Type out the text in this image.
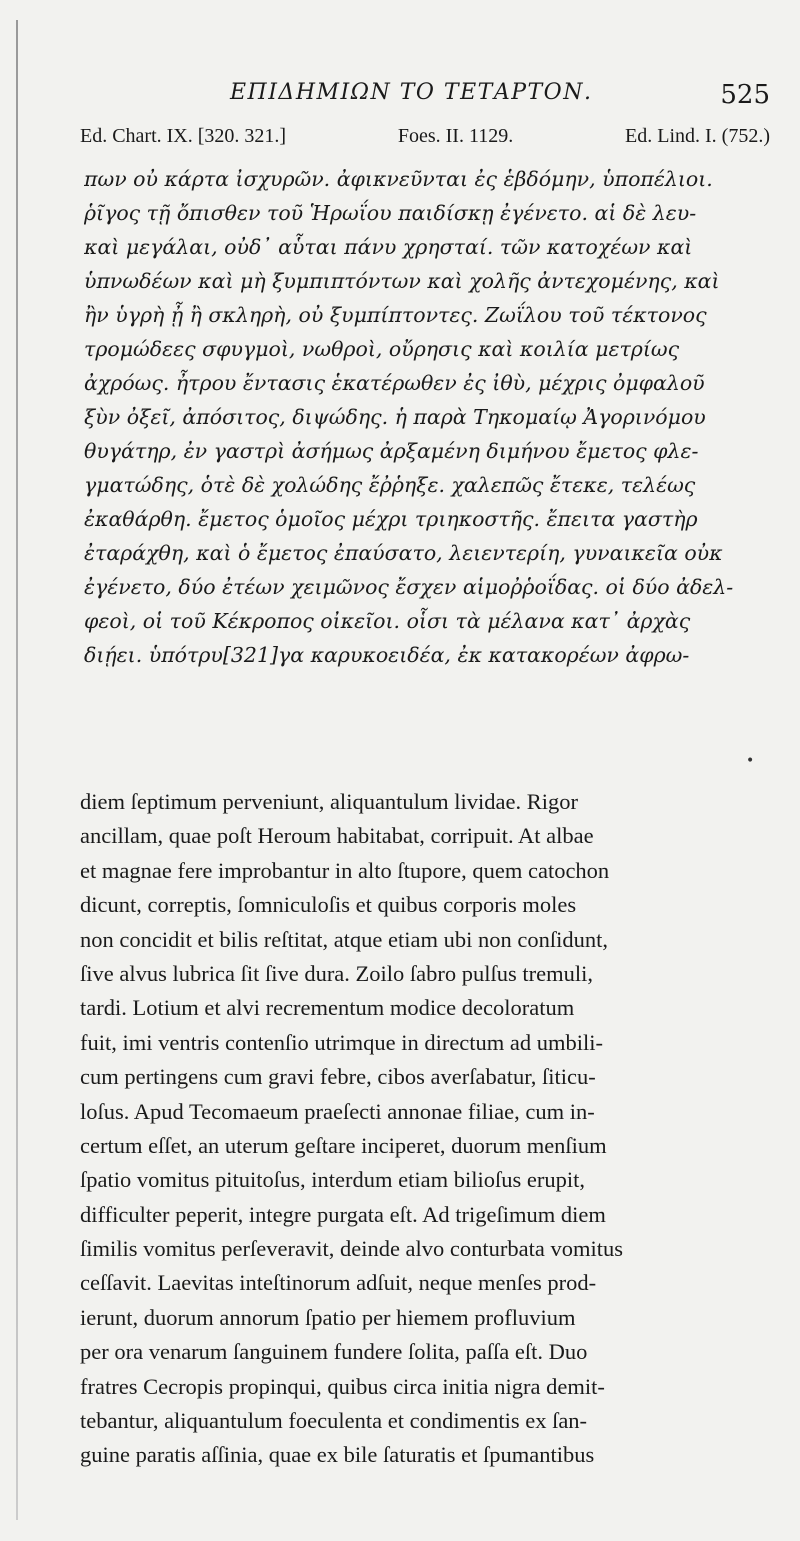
ΕΠΙΔΗΜΙΩΝ ΤΟ ΤΕΤΑΡΤΟΝ.	525
Ed. Chart. IX. [320. 321.]	Foes. II. 1129.	Ed. Lind. I. (752.)
πων οὐ κάρτα ἰσχυρῶν. ἀφικνεῦνται ἐς ἑβδόμην, ὑποπέλιοι.
ῥῖγος τῇ ὄπισθεν τοῦ Ἡρωΐου παιδίσκῃ ἐγένετο. αἱ δὲ λευ-
καὶ μεγάλαι, οὐδ᾽ αὗται πάνυ χρησταί. τῶν κατοχέων καὶ
ὑπνωδέων καὶ μὴ ξυμπιπτόντων καὶ χολῆς ἀντεχομένης, καὶ
ἢν ὑγρὴ ᾖ ἢ σκληρὴ, οὐ ξυμπίπτοντες. Ζωΐλου τοῦ τέκτονος
τρομώδεες σφυγμοὶ, νωθροὶ, οὔρησις καὶ κοιλία μετρίως
ἀχρόως. ἦτρου ἔντασις ἑκατέρωθεν ἐς ἰθὺ, μέχρις ὀμφαλοῦ
ξὺν ὀξεῖ, ἀπόσιτος, διψώδης. ἡ παρὰ Τηκομαίῳ Ἀγορινόμου
θυγάτηρ, ἐν γαστρὶ ἀσήμως ἀρξαμένη διμήνου ἔμετος φλε-
γματώδης, ὁτὲ δὲ χολώδης ἔῤῥηξε. χαλεπῶς ἔτεκε, τελέως
ἐκαθάρθη. ἔμετος ὁμοῖος μέχρι τριηκοστῆς. ἔπειτα γαστὴρ
ἐταράχθη, καὶ ὁ ἔμετος ἐπαύσατο, λειεντερίη, γυναικεῖα οὐκ
ἐγένετο, δύο ἐτέων χειμῶνος ἔσχεν αἱμοῤῥοΐδας. οἱ δύο ἀδελ-
φεοὶ, οἱ τοῦ Κέκροπος οἰκεῖοι. οἷσι τὰ μέλανα κατ᾽ ἀρχὰς
διῄει. ὑπότρυ[321]γα καρυκοειδέα, ἐκ κατακορέων ἀφρω-
•
diem ſeptimum perveniunt, aliquantulum lividae. Rigor
ancillam, quae poſt Heroum habitabat, corripuit. At albae
et magnae fere improbantur in alto ſtupore, quem catochon
dicunt, correptis, ſomniculoſis et quibus corporis moles
non concidit et bilis reſtitat, atque etiam ubi non conſidunt,
ſive alvus lubrica ſit ſive dura. Zoilo ſabro pulſus tremuli,
tardi. Lotium et alvi recrementum modice decoloratum
fuit, imi ventris contenſio utrimque in directum ad umbili-
cum pertingens cum gravi febre, cibos averſabatur, ſiticu-
loſus. Apud Tecomaeum praeſecti annonae filiae, cum in-
certum eſſet, an uterum geſtare inciperet, duorum menſium
ſpatio vomitus pituitoſus, interdum etiam bilioſus erupit,
difficulter peperit, integre purgata eſt. Ad trigeſimum diem
ſimilis vomitus perſeveravit, deinde alvo conturbata vomitus
ceſſavit. Laevitas inteſtinorum adſuit, neque menſes prod-
ierunt, duorum annorum ſpatio per hiemem profluvium
per ora venarum ſanguinem fundere ſolita, paſſa eſt. Duo
fratres Cecropis propinqui, quibus circa initia nigra demit-
tebantur, aliquantulum foeculenta et condimentis ex ſan-
guine paratis aſſinia, quae ex bile ſaturatis et ſpumantibus
